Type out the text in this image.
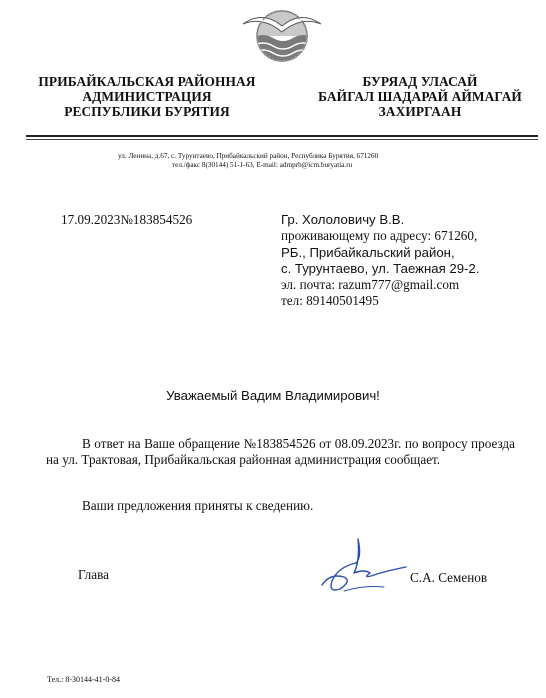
ПРИБАЙКАЛЬСКАЯ РАЙОННАЯ
АДМИНИСТРАЦИЯ
РЕСПУБЛИКИ БУРЯТИЯ
БУРЯАД УЛАСАЙ
БАЙГАЛ ШАДАРАЙ АЙМАГАЙ
ЗАХИРГААН
ул. Ленина, д.67, с. Турунтаево, Прибайкальский район, Республика Бурятия, 671260
тел./факс 8(30144) 51-1-63, E-mail: admprb@icm.buryatia.ru
17.09.2023№183854526	Гр. Хололовичу В.В.
проживающему по адресу: 671260,
РБ., Прибайкальский район,
с. Турунтаево, ул. Таежная 29-2.
эл. почта: razum777@gmail.com
тел: 89140501495
Уважаемый Вадим Владимирович!
В ответ на Ваше обращение №183854526 от 08.09.2023г. по вопросу проезда на ул. Трактовая, Прибайкальская районная администрация сообщает.
Ваши предложения приняты к сведению.
Глава	С.А. Семенов
Тел.: 8-30144-41-0-84
